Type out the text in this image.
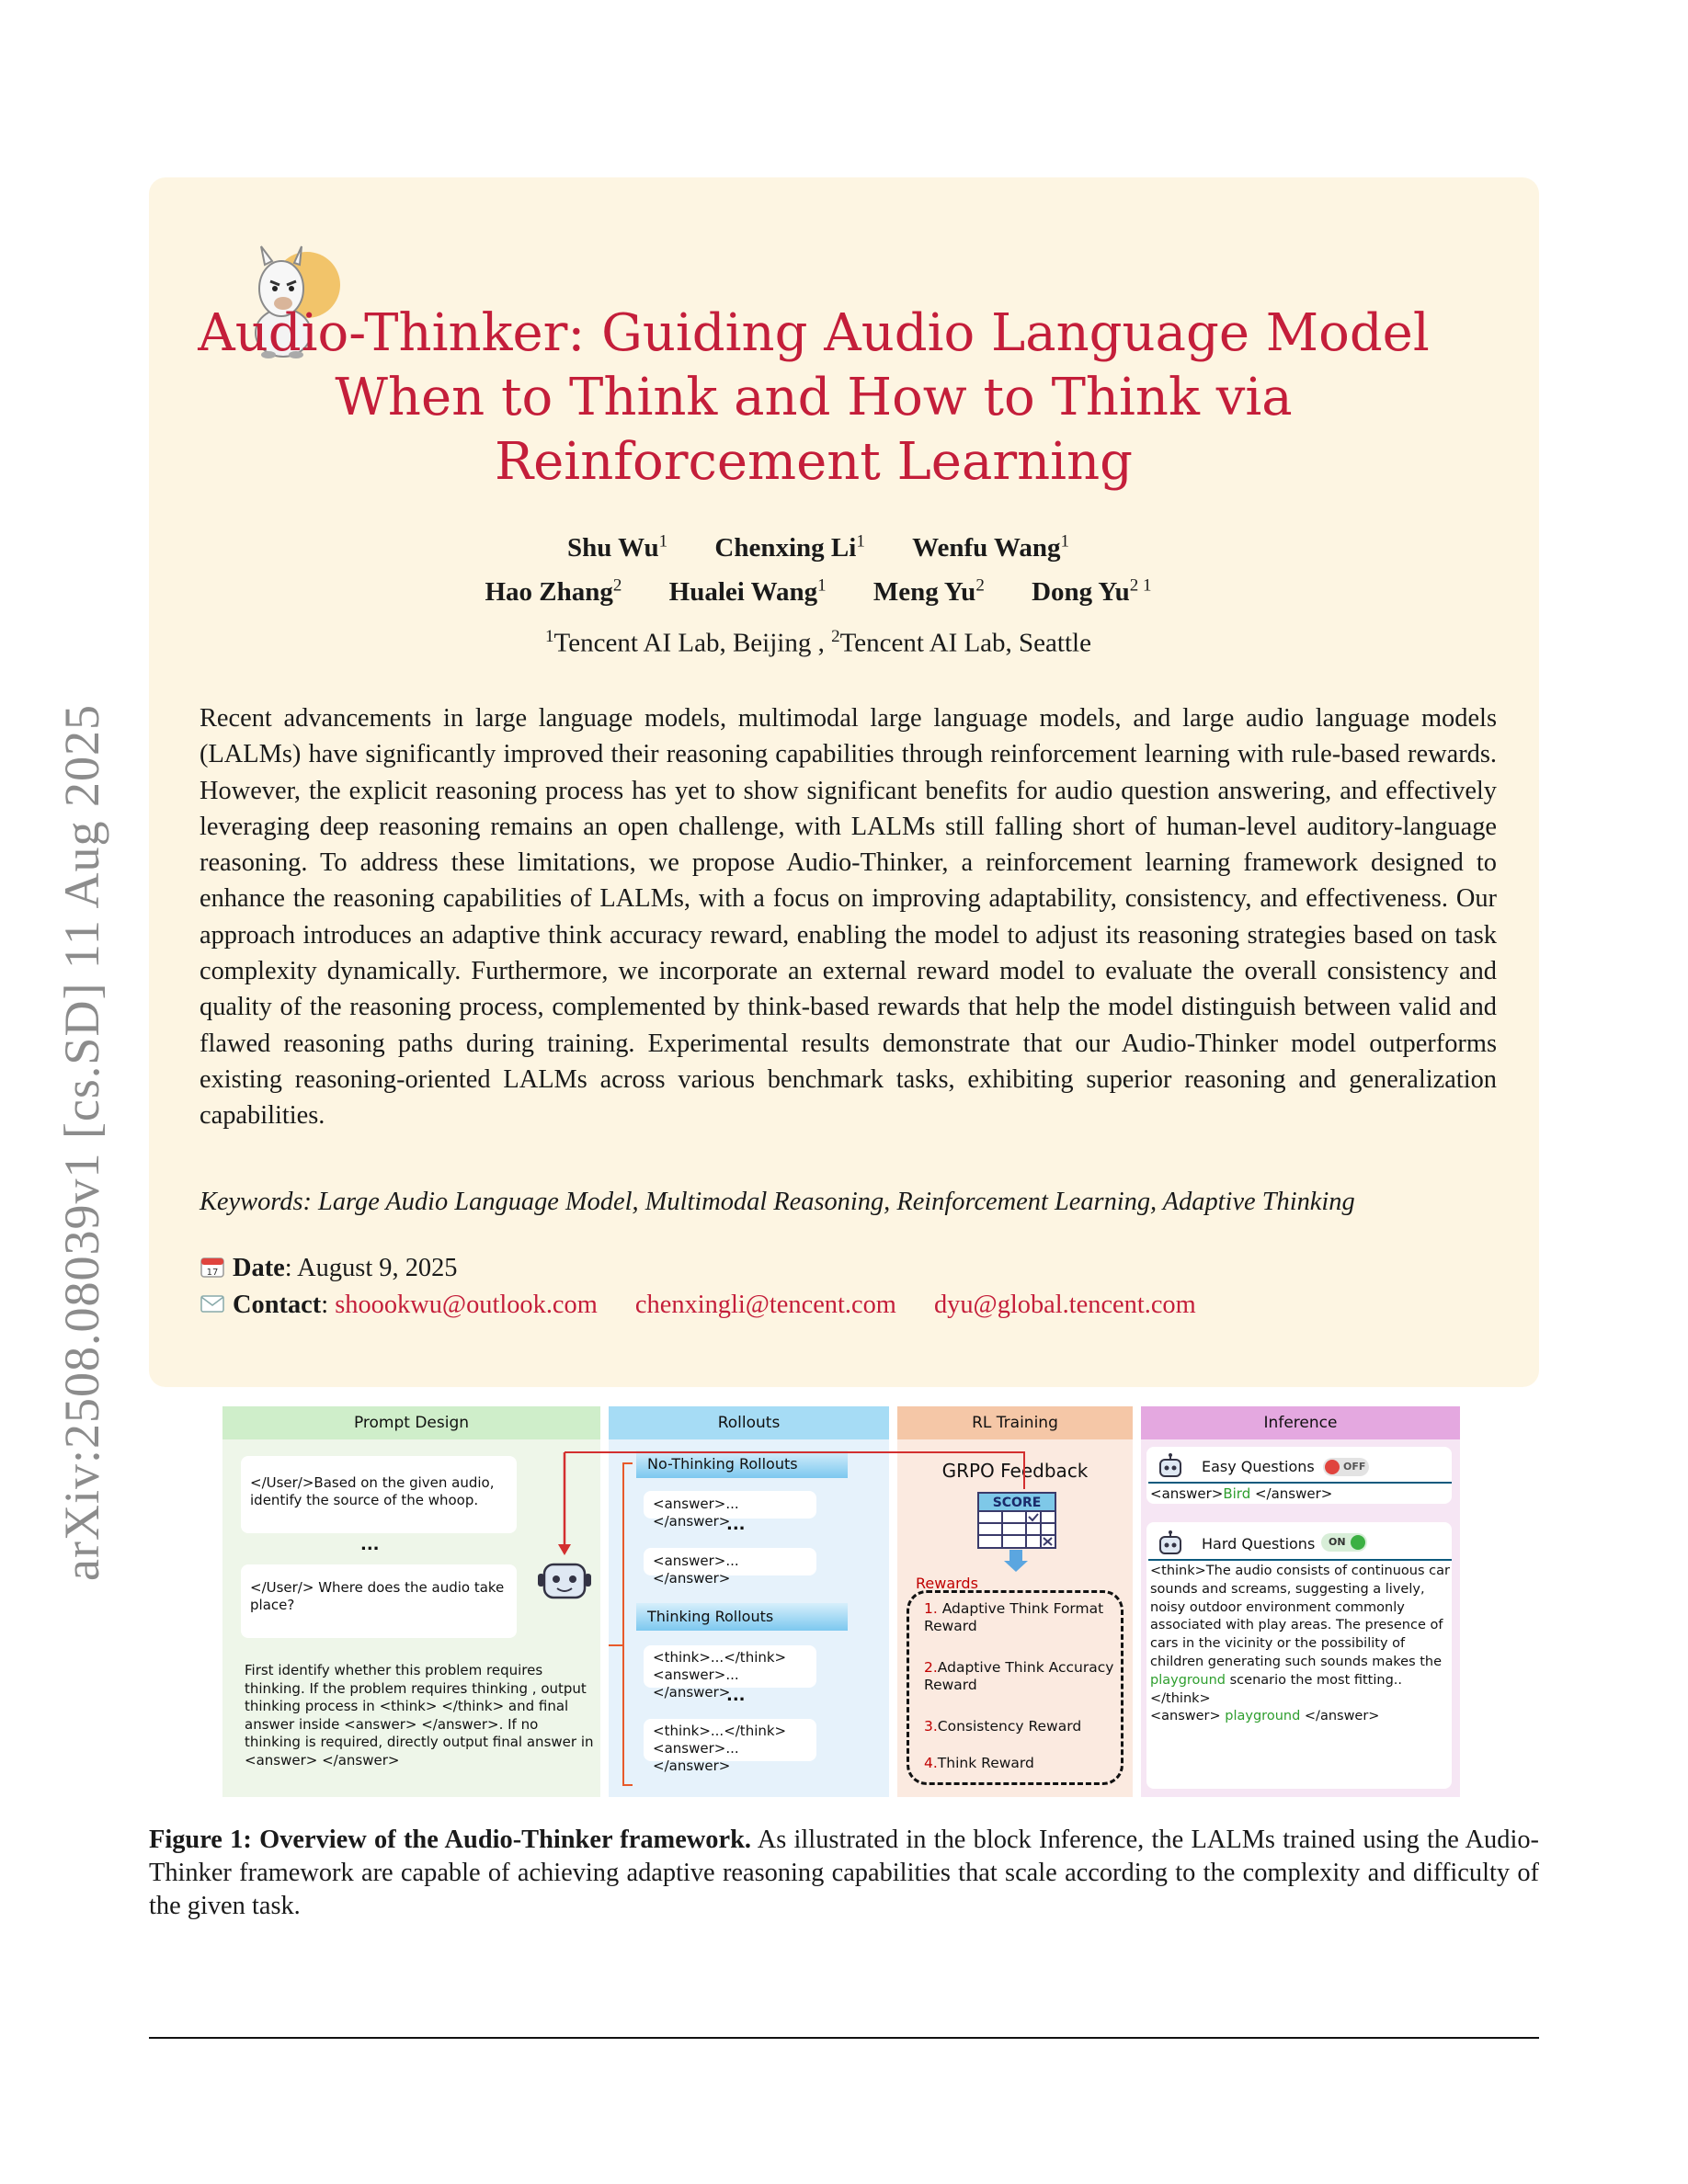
arXiv:2508.08039v1 [cs.SD] 11 Aug 2025
Audio-Thinker: Guiding Audio Language Model When to Think and How to Think via Reinforcement Learning
Shu Wu$^1$ Chenxing Li$^1$ Wenfu Wang$^1$
Hao Zhang$^2$ Hualei Wang$^1$ Meng Yu$^2$ Dong $Yu^{2 1}$
$^1$Tencent AI Lab, Beijing , $^2$Tencent AI Lab, Seattle
Recent advancements in large language models, multimodal large language models, and large audio language models (LALMs) have significantly improved their reasoning capabilities through reinforcement learning with rule-based rewards. However, the explicit reasoning process has yet to show significant benefits for audio question answering, and effectively leveraging deep reasoning remains an open challenge, with LALMs still falling short of human-level auditory-language reasoning. To address these limitations, we propose Audio-Thinker, a reinforcement learning framework designed to enhance the reasoning capabilities of LALMs, with a focus on improving adaptability, consistency, and effectiveness. Our approach introduces an adaptive think accuracy reward, enabling the model to adjust its reasoning strategies based on task complexity dynamically. Furthermore, we incorporate an external reward model to evaluate the overall consistency and quality of the reasoning process, complemented by think-based rewards that help the model distinguish between valid and flawed reasoning paths during training. Experimental results demonstrate that our Audio-Thinker model outperforms existing reasoning-oriented LALMs across various benchmark tasks, exhibiting superior reasoning and generalization capabilities.
Keywords: Large Audio Language Model, Multimodal Reasoning, Reinforcement Learning, Adaptive Thinking
17 Date: August 9, 2025
Contact: shoookwu@outlook.com chenxingli@tencent.com dyu@global.tencent.com
Prompt Design
</User/>Based on the given audio, identify the source of the whoop.
...
</User/> Where does the audio take place?
First identify whether this problem requires thinking. If the problem requires thinking , output thinking process in <think> </think> and final answer inside <answer> </answer>. If no thinking is required, directly output final answer in <answer> </answer>
Rollouts
No-Thinking Rollouts
<answer>...</answer>
...
<answer>...</answer>
Thinking Rollouts
<think>...</think>
<answer>...</answer>
...
<think>...</think>
<answer>...</answer>
RL Training
GRPO Feedback
SCORE
Rewards
1. Adaptive Think Format Reward
2.Adaptive Think Accuracy Reward
3.Consistency Reward
4.Think Reward
Inference
Easy Questions	OFF
<answer>Bird </answer>
Hard Questions	ON
<think>The audio consists of continuous car sounds and screams, suggesting a lively, noisy outdoor environment commonly associated with play areas. The presence of cars in the vicinity or the possibility of children generating such sounds makes the playground scenario the most fitting..</think>
<answer> playground </answer>
Figure 1: Overview of the Audio-Thinker framework. As illustrated in the block Inference, the LALMs trained using the Audio-Thinker framework are capable of achieving adaptive reasoning capabilities that scale according to the complexity and difficulty of the given task.
